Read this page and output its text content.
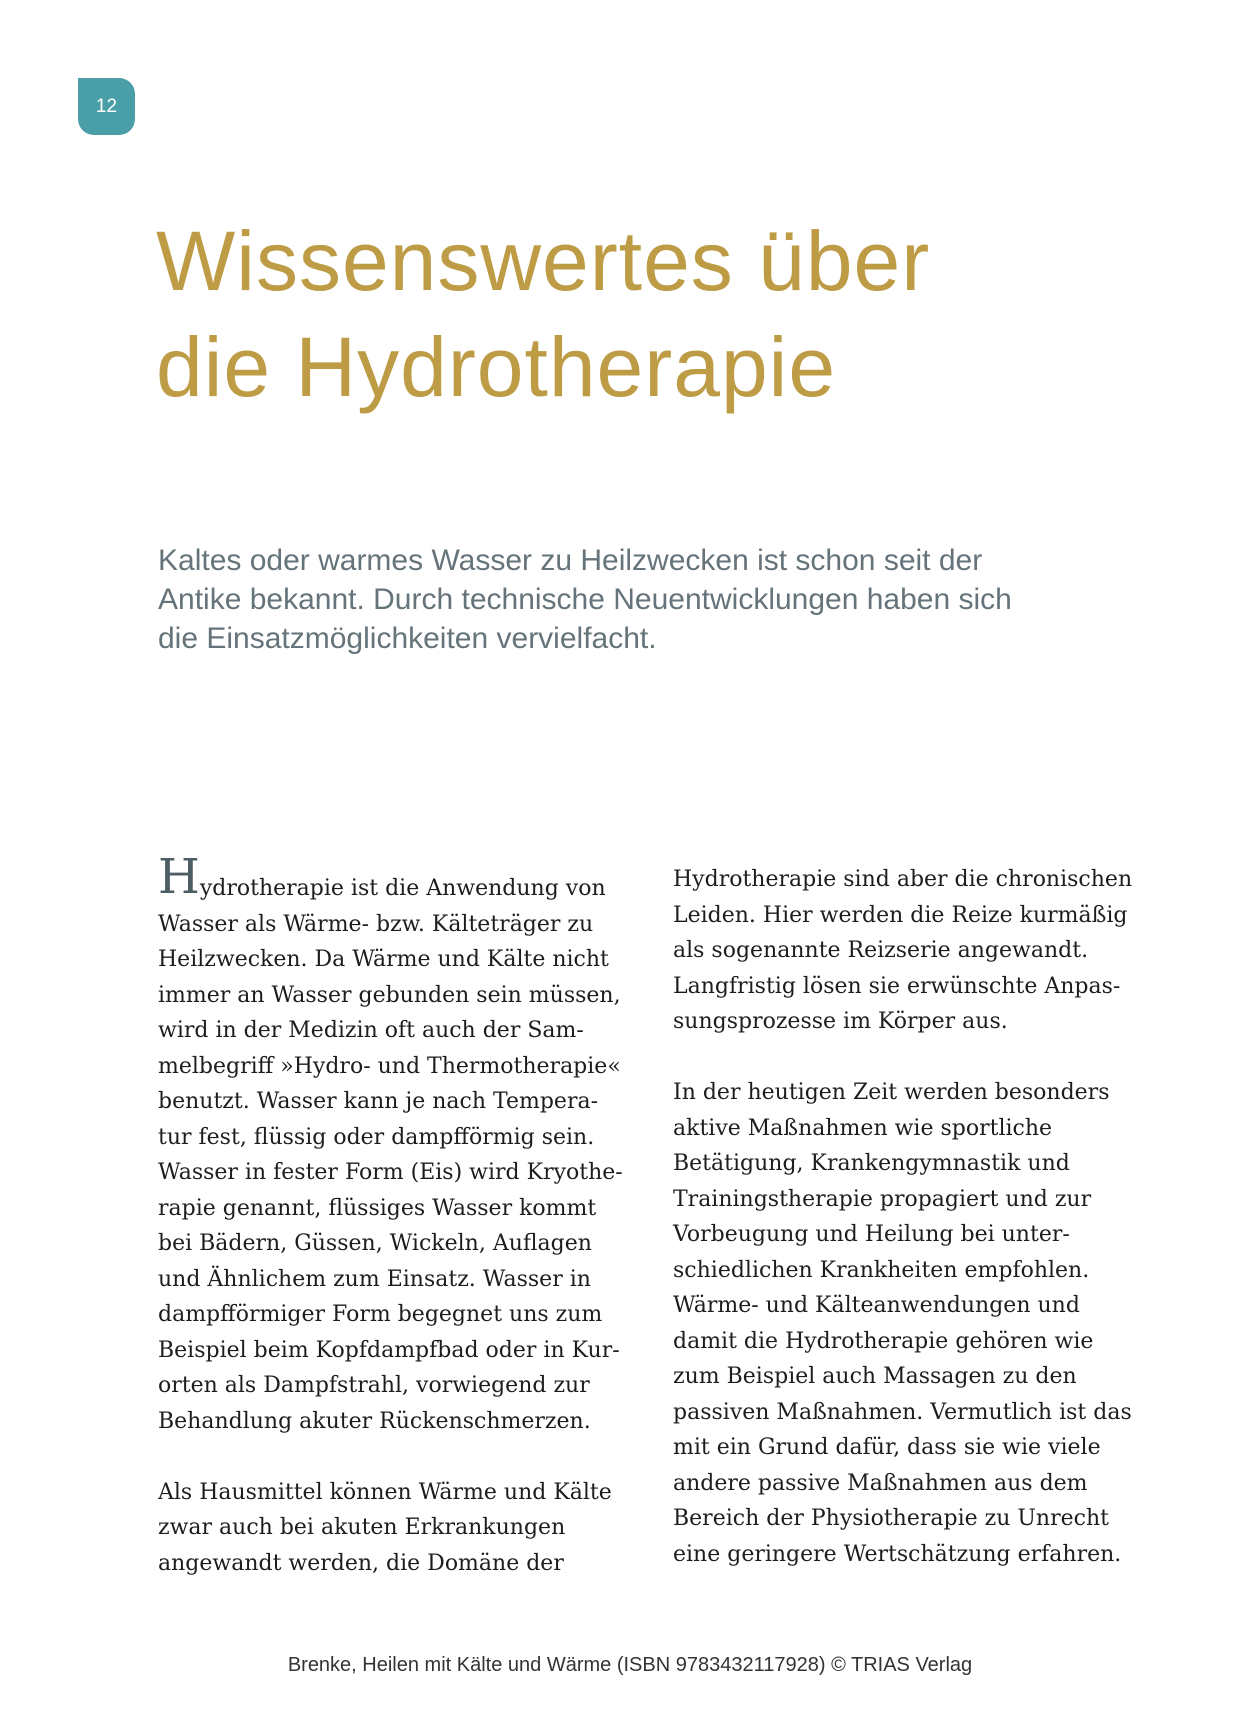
12
Wissenswertes über
die Hydrotherapie

Kaltes oder warmes Wasser zu Heilzwecken ist schon seit der
Antike bekannt. Durch technische Neuentwicklungen haben sich
die Einsatzmöglichkeiten vervielfacht.

Hydrotherapie ist die Anwendung von
Wasser als Wärme- bzw. Kälteträger zu
Heilzwecken. Da Wärme und Kälte nicht
immer an Wasser gebunden sein müssen,
wird in der Medizin oft auch der Sam-
melbegriff »Hydro- und Thermotherapie«
benutzt. Wasser kann je nach Tempera-
tur fest, flüssig oder dampfförmig sein.
Wasser in fester Form (Eis) wird Kryothe-
rapie genannt, flüssiges Wasser kommt
bei Bädern, Güssen, Wickeln, Auflagen
und Ähnlichem zum Einsatz. Wasser in
dampfförmiger Form begegnet uns zum
Beispiel beim Kopfdampfbad oder in Kur-
orten als Dampfstrahl, vorwiegend zur
Behandlung akuter Rückenschmerzen.

Als Hausmittel können Wärme und Kälte
zwar auch bei akuten Erkrankungen
angewandt werden, die Domäne der

Hydrotherapie sind aber die chronischen
Leiden. Hier werden die Reize kurmäßig
als sogenannte Reizserie angewandt.
Langfristig lösen sie erwünschte Anpas-
sungsprozesse im Körper aus.

In der heutigen Zeit werden besonders
aktive Maßnahmen wie sportliche
Betätigung, Krankengymnastik und
Trainingstherapie propagiert und zur
Vorbeugung und Heilung bei unter-
schiedlichen Krankheiten empfohlen.
Wärme- und Kälteanwendungen und
damit die Hydrotherapie gehören wie
zum Beispiel auch Massagen zu den
passiven Maßnahmen. Vermutlich ist das
mit ein Grund dafür, dass sie wie viele
andere passive Maßnahmen aus dem
Bereich der Physiotherapie zu Unrecht
eine geringere Wertschätzung erfahren.

Brenke, Heilen mit Kälte und Wärme (ISBN 9783432117928) © TRIAS Verlag
